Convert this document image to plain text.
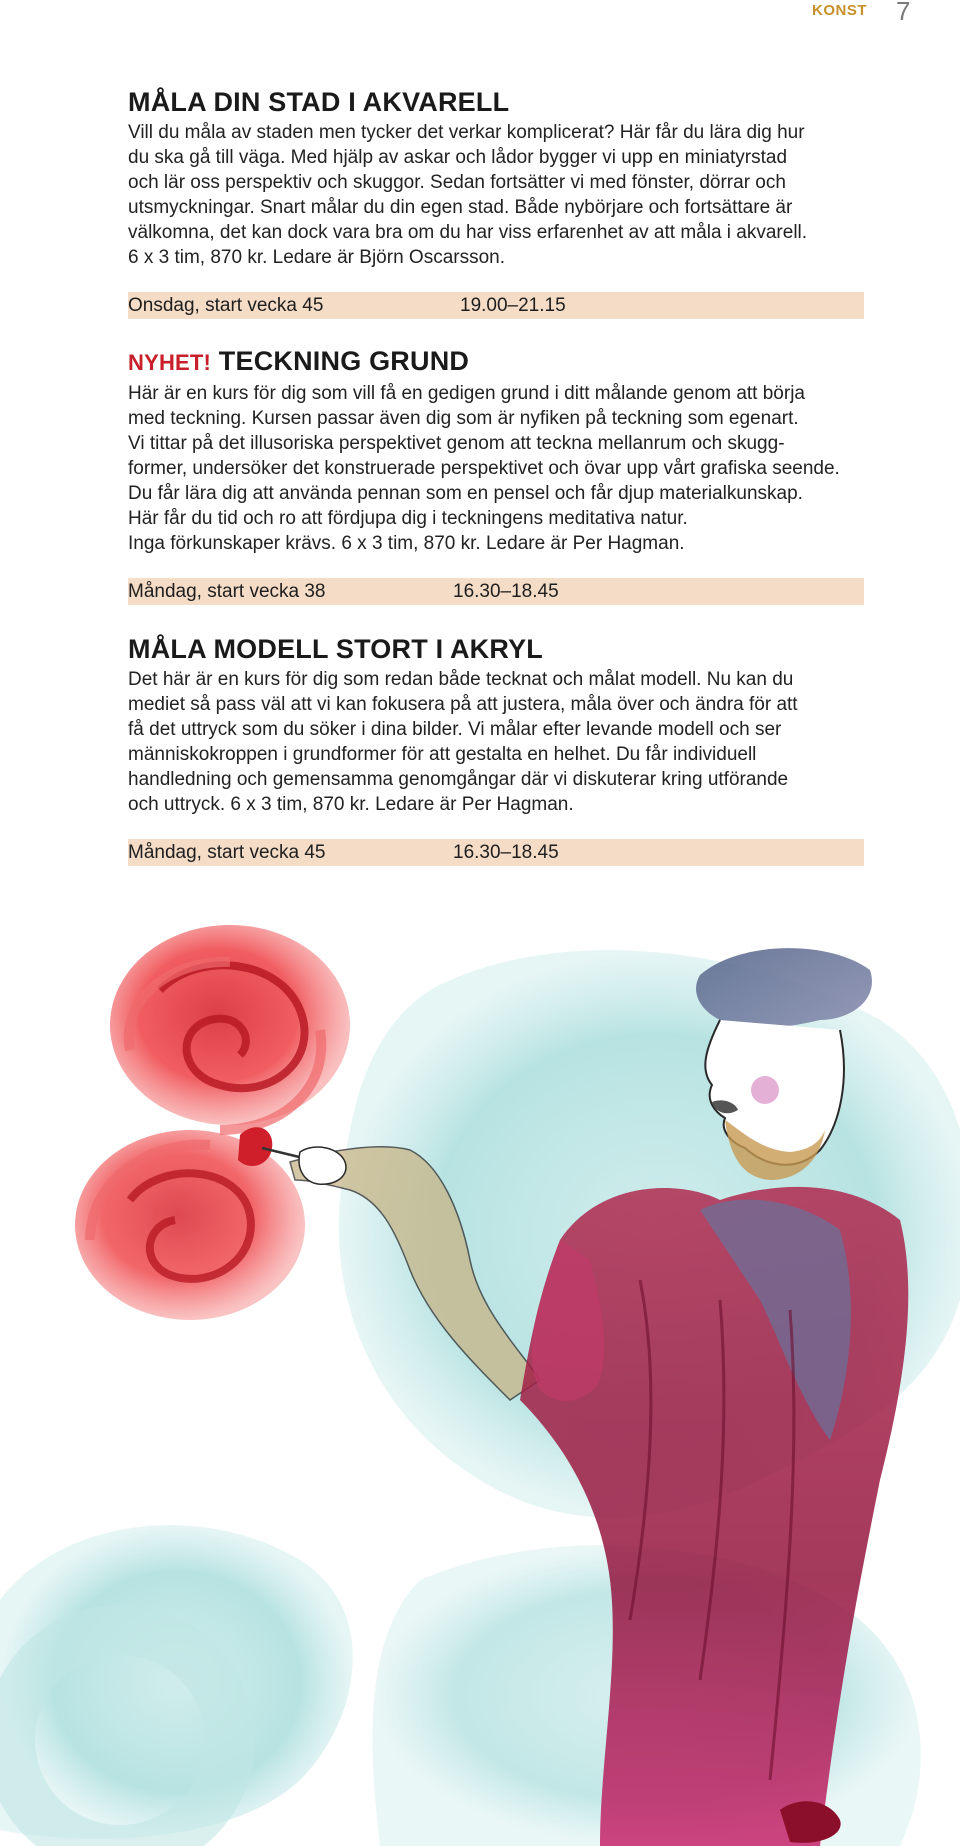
KONST 7
MÅLA DIN STAD I AKVARELL

Vill du måla av staden men tycker det verkar komplicerat? Här får du lära dig hur
du ska gå till väga. Med hjälp av askar och lådor bygger vi upp en miniatyrstad
och lär oss perspektiv och skuggor. Sedan fortsätter vi med fönster, dörrar och
utsmyckningar. Snart målar du din egen stad. Både nybörjare och fortsättare är
välkomna, det kan dock vara bra om du har viss erfarenhet av att måla i akvarell.
6 x 3 tim, 870 kr. Ledare är Björn Oscarsson.

Onsdag, start vecka 45	19.00–21.15
NYHET! TECKNING GRUND

Här är en kurs för dig som vill få en gedigen grund i ditt målande genom att börja
med teckning. Kursen passar även dig som är nyfiken på teckning som egenart.
Vi tittar på det illusoriska perspektivet genom att teckna mellanrum och skugg-
former, undersöker det konstruerade perspektivet och övar upp vårt grafiska seende.
Du får lära dig att använda pennan som en pensel och får djup materialkunskap.
Här får du tid och ro att fördjupa dig i teckningens meditativa natur.
Inga förkunskaper krävs. 6 x 3 tim, 870 kr. Ledare är Per Hagman.

Måndag, start vecka 38	16.30–18.45
MÅLA MODELL STORT I AKRYL

Det här är en kurs för dig som redan både tecknat och målat modell. Nu kan du
mediet så pass väl att vi kan fokusera på att justera, måla över och ändra för att
få det uttryck som du söker i dina bilder. Vi målar efter levande modell och ser
människokroppen i grundformer för att gestalta en helhet. Du får individuell
handledning och gemensamma genomgångar där vi diskuterar kring utförande
och uttryck. 6 x 3 tim, 870 kr. Ledare är Per Hagman.

Måndag, start vecka 45	16.30–18.45
